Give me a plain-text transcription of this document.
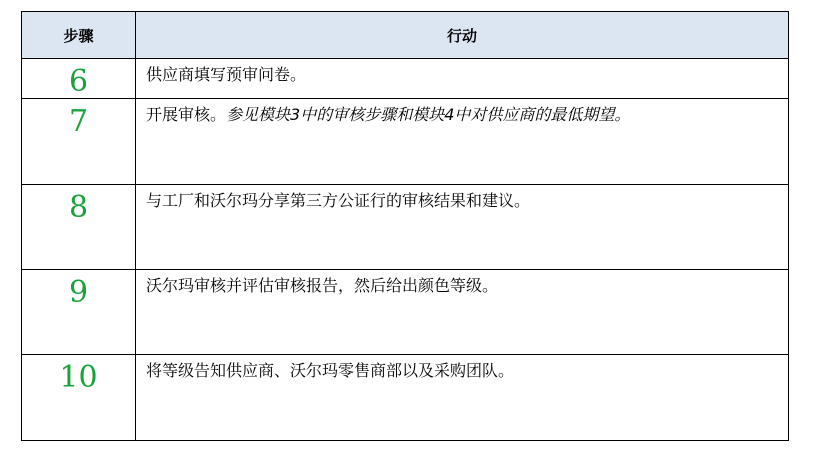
步骤	行动
6	供应商填写预审问卷。
7	开展审核。参见模块3中的审核步骤和模块4中对供应商的最低期望。
8	与工厂和沃尔玛分享第三方公证行的审核结果和建议。
9	沃尔玛审核并评估审核报告，然后给出颜色等级。
10	将等级告知供应商、沃尔玛零售商部以及采购团队。
